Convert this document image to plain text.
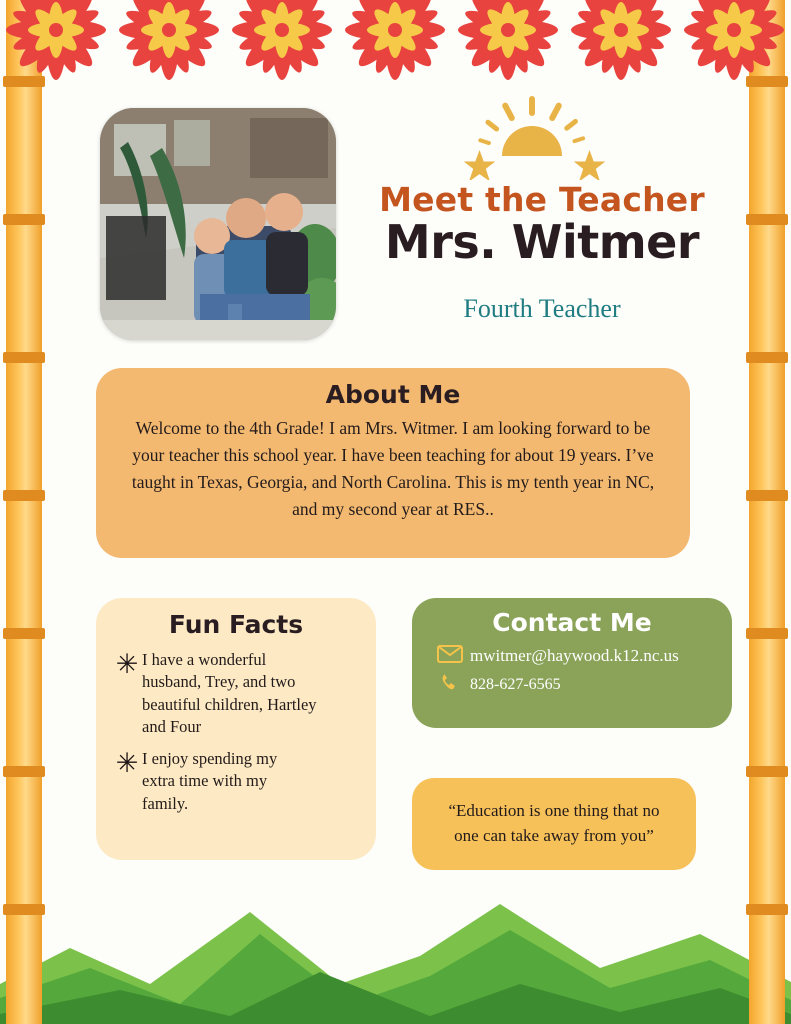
Meet the Teacher
Mrs. Witmer
Fourth Teacher
About Me

Welcome to the 4th Grade! I am Mrs. Witmer. I am looking forward to be your teacher this school year. I have been teaching for about 19 years. I’ve taught in Texas, Georgia, and North Carolina. This is my tenth year in NC, and my second year at RES..

Fun Facts
✳ I have a wonderful husband, Trey, and two beautiful children, Hartley and Four
✳ I enjoy spending my extra time with my family.
Contact Me
mwitmer@haywood.k12.nc.us
828-627-6565

“Education is one thing that no one can take away from you”
